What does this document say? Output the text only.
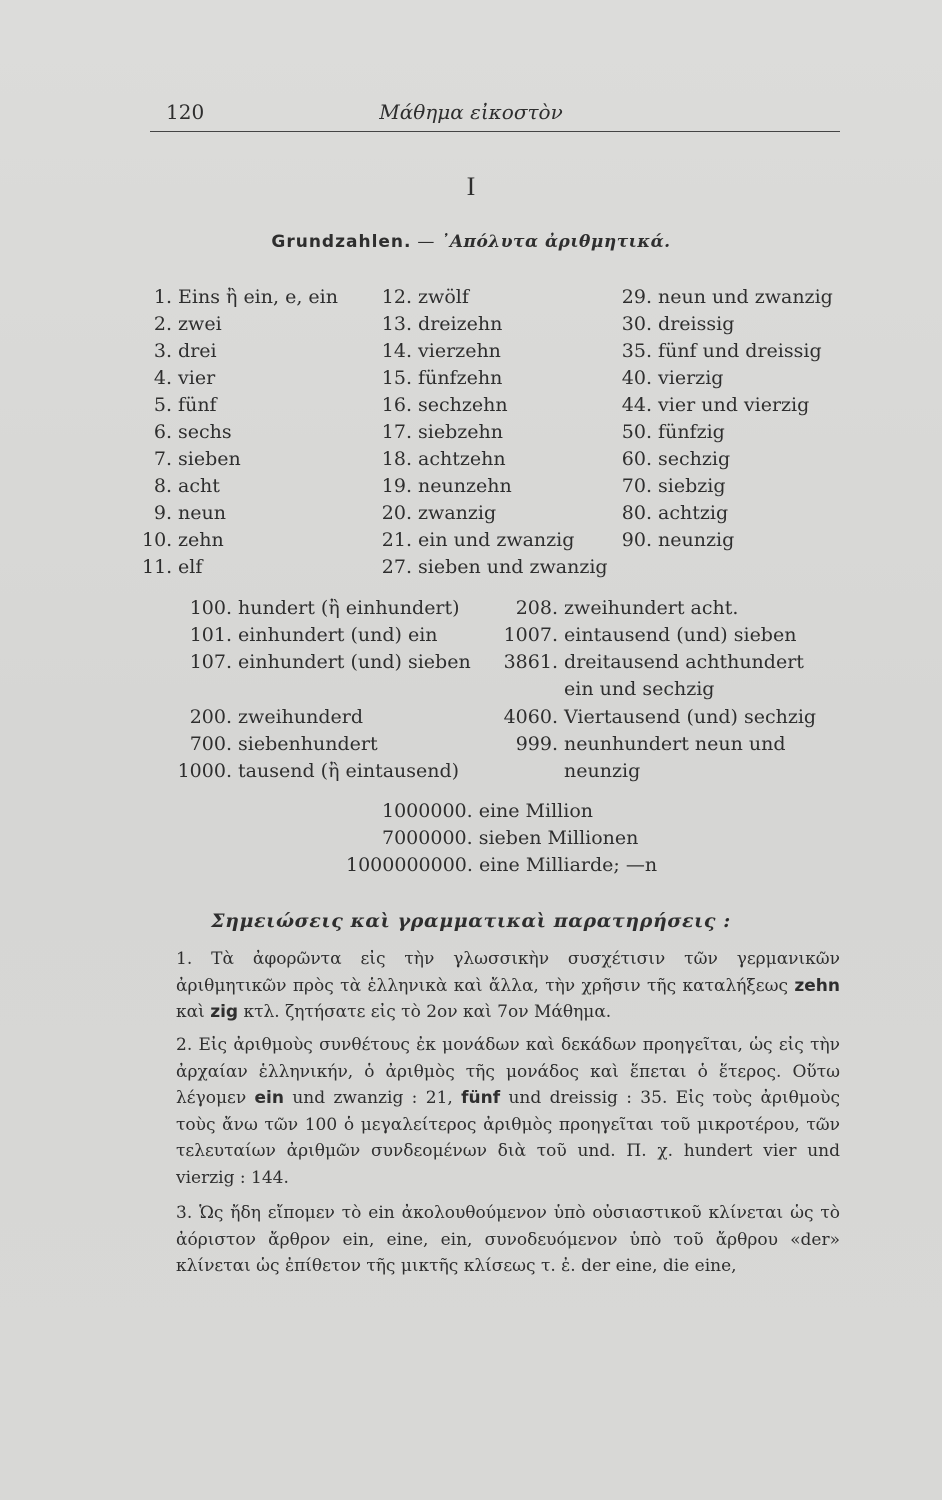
120	Μάθημα εἰκοστὸν
I
Grundzahlen. — ᾿Απόλυτα ἀριθμητικά.
1. Eins ἢ ein, e, ein
2. zwei
3. drei
4. vier
5. fünf
6. sechs
7. sieben
8. acht
9. neun
10. zehn
11. elf
12. zwölf
13. dreizehn
14. vierzehn
15. fünfzehn
16. sechzehn
17. siebzehn
18. achtzehn
19. neunzehn
20. zwanzig
21. ein und zwanzig
27. sieben und zwanzig
29. neun und zwanzig
30. dreissig
35. fünf und dreissig
40. vierzig
44. vier und vierzig
50. fünfzig
60. sechzig
70. siebzig
80. achtzig
90. neunzig
100. hundert (ἢ einhundert)
101. einhundert (und) ein
107. einhundert (und) sieben
200. zweihunderd
700. siebenhundert
1000. tausend (ἢ eintausend)
208. zweihundert acht.
1007. eintausend (und) sieben
3861. dreitausend achthundert
ein und sechzig
4060. Viertausend (und) sechzig
999. neunhundert neun und
neunzig
1000000. eine Million
7000000. sieben Millionen
1000000000. eine Milliarde; —n
Σημειώσεις καὶ γραμματικαὶ παρατηρήσεις :
1. Τὰ ἀφορῶντα εἰς τὴν γλωσσικὴν συσχέτισιν τῶν γερμανικῶν ἀριθμητικῶν πρὸς τὰ ἑλληνικὰ καὶ ἄλλα, τὴν χρῆσιν τῆς καταλήξεως zehn καὶ zig κτλ. ζητήσατε εἰς τὸ 2ον καὶ 7ον Μάθημα.
2. Εἰς ἀριθμοὺς συνθέτους ἐκ μονάδων καὶ δεκάδων προηγεῖται, ὡς εἰς τὴν ἀρχαίαν ἑλληνικήν, ὁ ἀριθμὸς τῆς μονάδος καὶ ἕπεται ὁ ἕτερος. Οὕτω λέγομεν ein und zwanzig : 21, fünf und dreissig : 35. Εἰς τοὺς ἀριθμοὺς τοὺς ἄνω τῶν 100 ὁ μεγαλείτερος ἀριθμὸς προηγεῖται τοῦ μικροτέρου, τῶν τελευταίων ἀριθμῶν συνδεομένων διὰ τοῦ und. Π. χ. hundert vier und vierzig : 144.
3. Ὡς ἤδη εἴπομεν τὸ ein ἀκολουθούμενον ὑπὸ οὐσιαστικοῦ κλίνεται ὡς τὸ ἀόριστον ἄρθρον ein, eine, ein, συνοδευόμενον ὑπὸ τοῦ ἄρθρου «der» κλίνεται ὡς ἐπίθετον τῆς μικτῆς κλίσεως τ. ἐ. der eine, die eine,
